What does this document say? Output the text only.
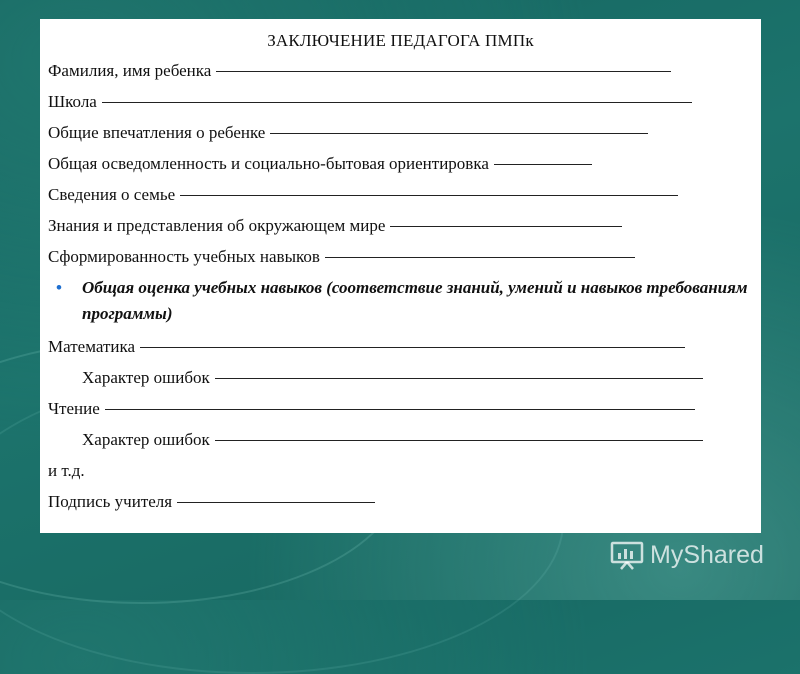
ЗАКЛЮЧЕНИЕ ПЕДАГОГА ПМПк
Фамилия, имя ребенка
Школа
Общие впечатления о ребенке
Общая осведомленность и социально-бытовая ориентировка
Сведения о семье
Знания и представления об окружающем мире
Сформированность учебных навыков
• Общая оценка учебных навыков (соответствие знаний, умений и навыков требованиям программы)
Математика
Характер ошибок
Чтение
Характер ошибок
и т.д.
Подпись учителя
MyShared
